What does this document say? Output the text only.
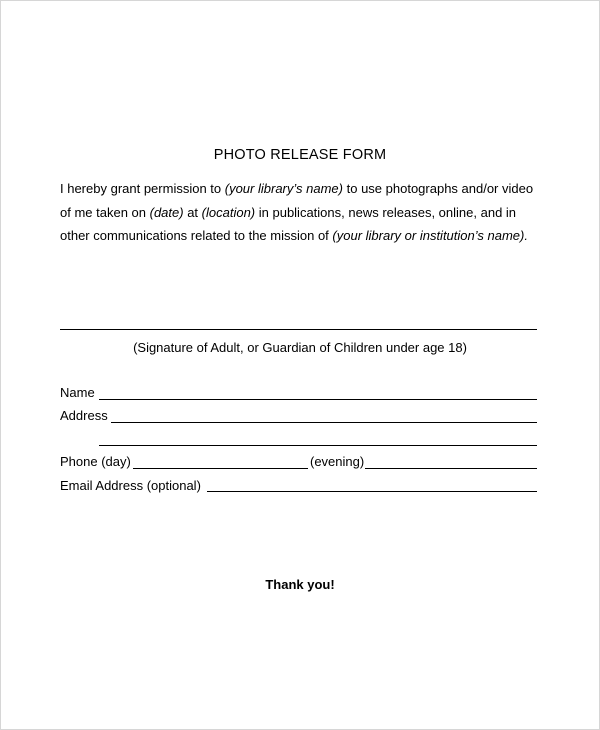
PHOTO RELEASE FORM
I hereby grant permission to (your library’s name) to use photographs and/or video of me taken on (date) at (location) in publications, news releases, online, and in other communications related to the mission of (your library or institution’s name).
(Signature of Adult, or Guardian of Children under age 18)
Name
Address
Phone (day)	(evening)
Email Address (optional)
Thank you!
